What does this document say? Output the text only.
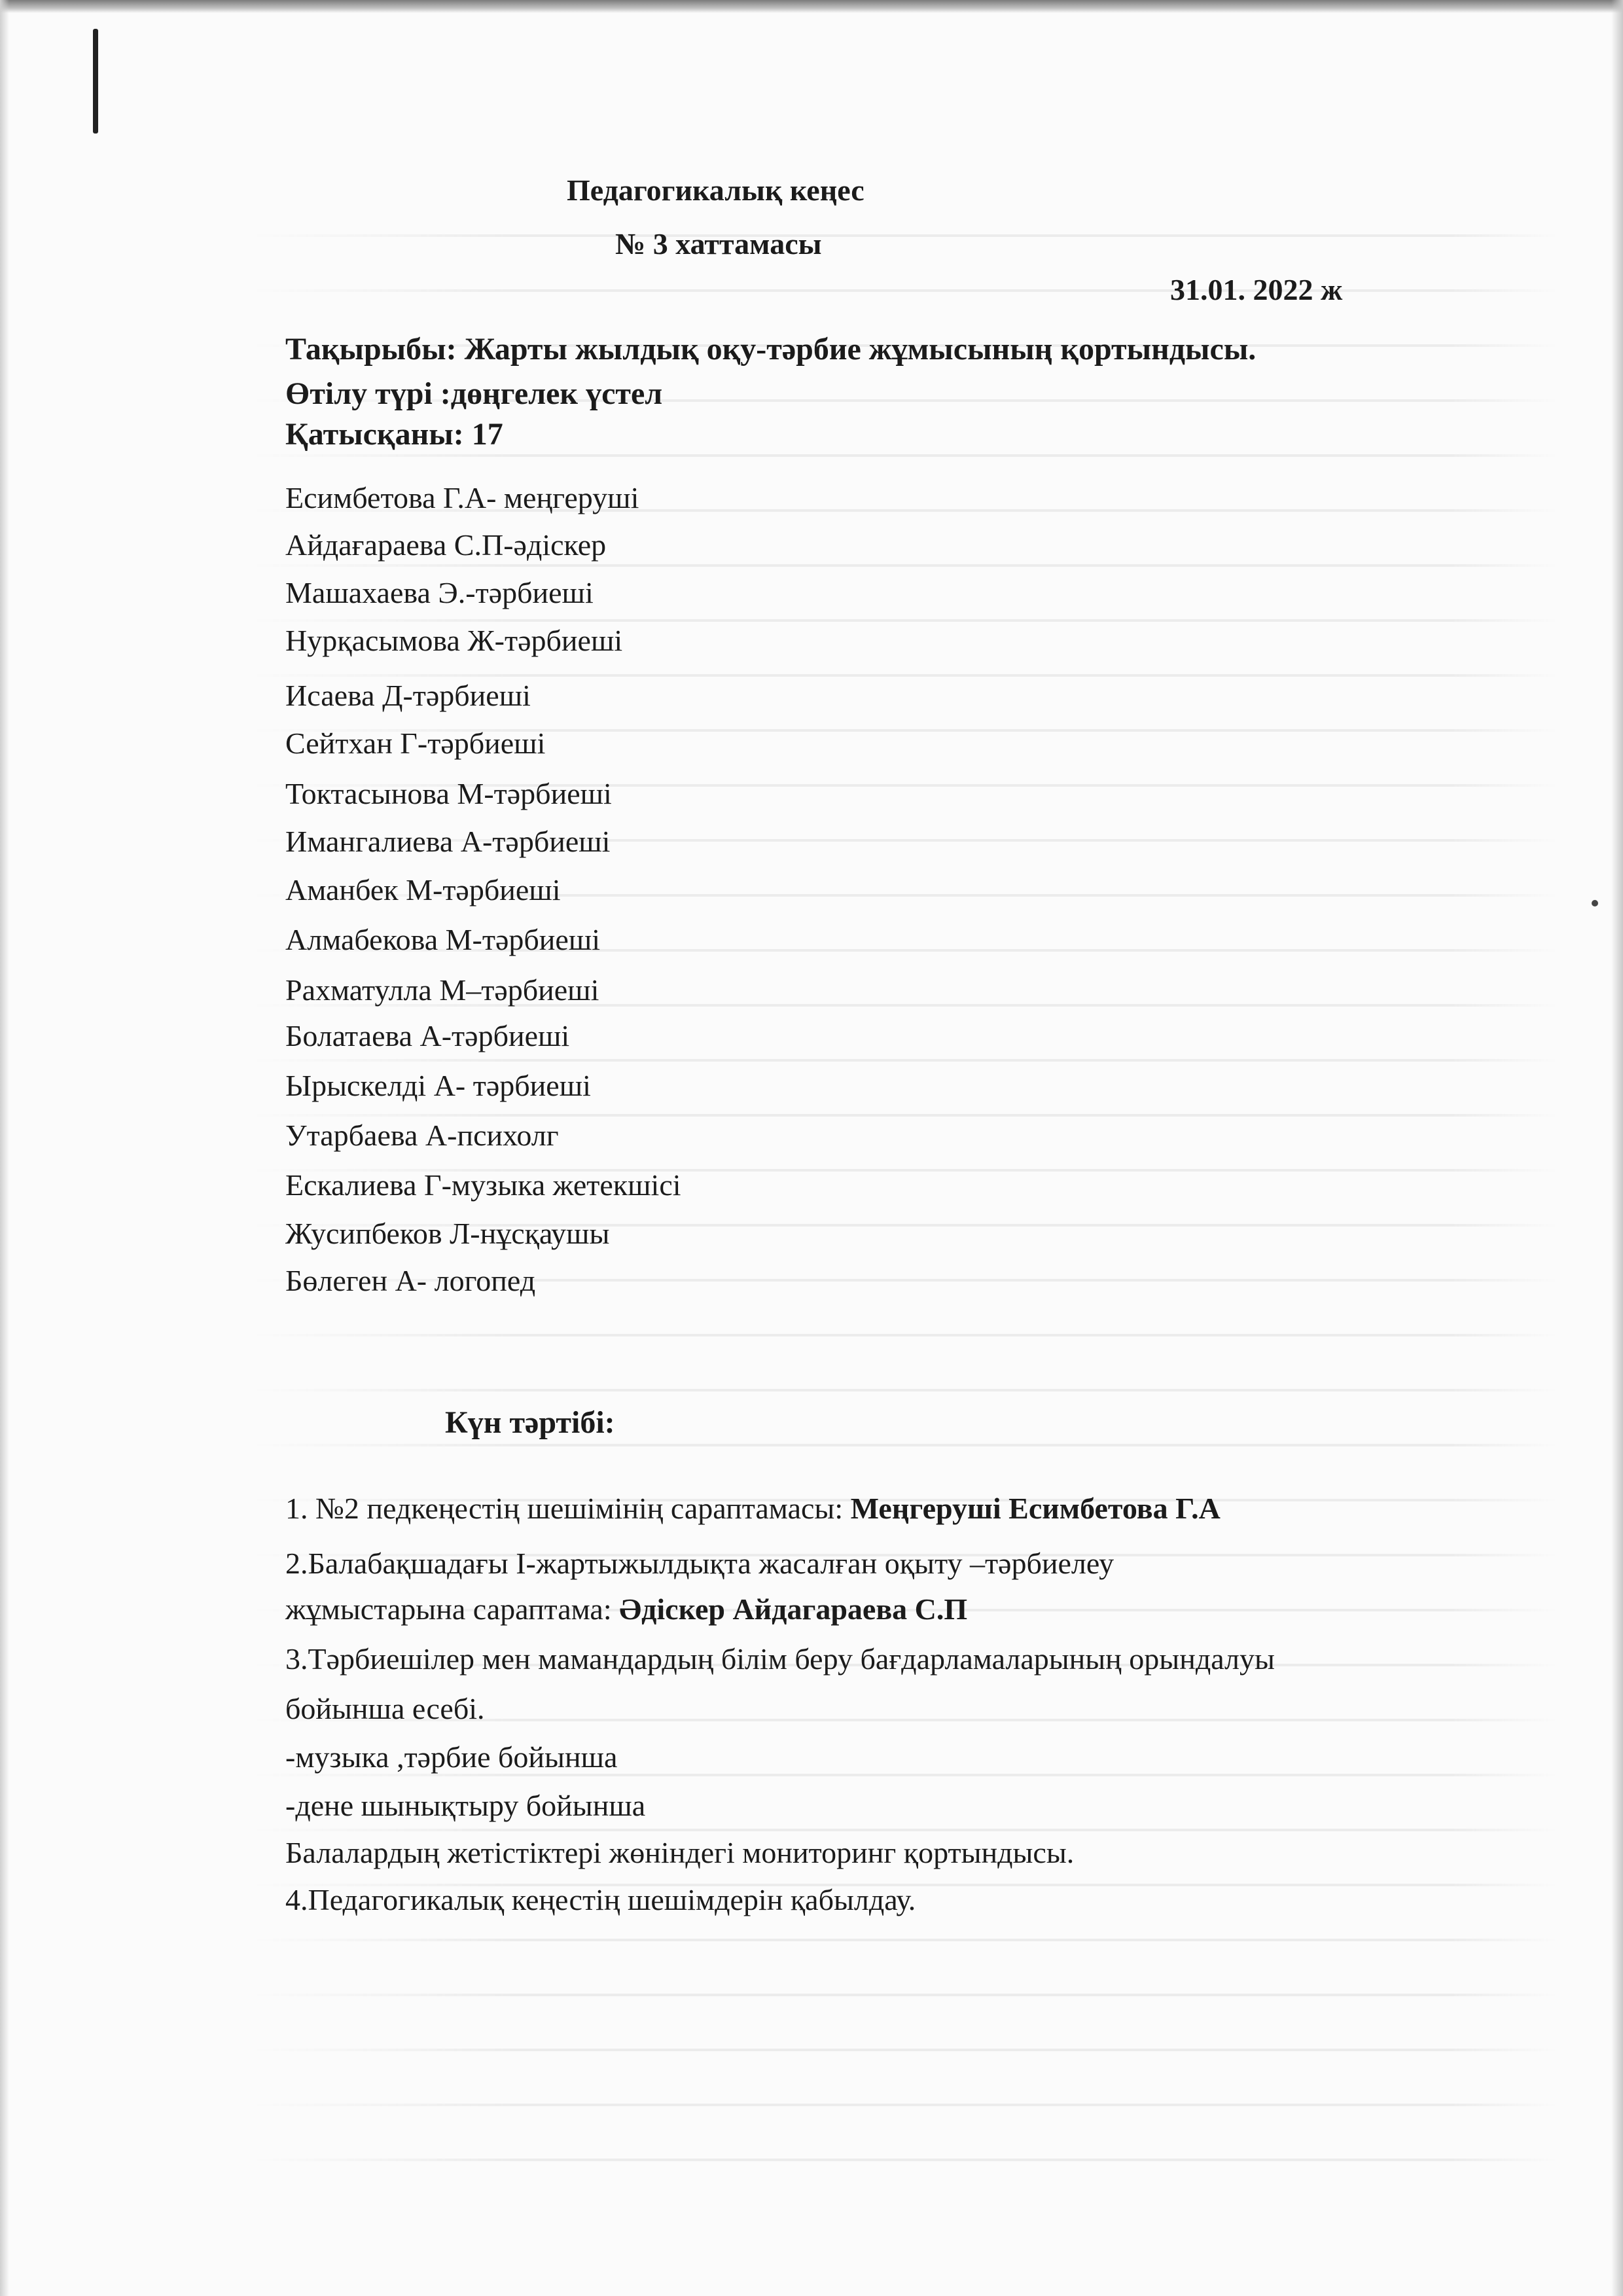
Педагогикалық кеңес
№ 3 хаттамасы
31.01. 2022 ж
Тақырыбы: Жарты жылдық оқу-тәрбие жұмысының қортындысы.
Өтілу түрі :дөңгелек үстел
Қатысқаны: 17
Есимбетова Г.А- меңгеруші
Айдағараева С.П-әдіскер
Машахаева Э.-тәрбиеші
Нурқасымова Ж-тәрбиеші
Исаева Д-тәрбиеші
Сейтхан Г-тәрбиеші
Токтасынова М-тәрбиеші
Имангалиева А-тәрбиеші
Аманбек М-тәрбиеші
Алмабекова М-тәрбиеші
Рахматулла М–тәрбиеші
Болатаева А-тәрбиеші
Ырыскелді А- тәрбиеші
Утарбаева А-психолг
Ескалиева Г-музыка жетекшісі
Жусипбеков Л-нұсқаушы
Бөлеген А- логопед
Күн тәртібі:
1. №2 педкеңестің шешімінің сараптамасы: Меңгеруші Есимбетова Г.А
2.Балабақшадағы І-жартыжылдықта жасалған оқыту –тәрбиелеу
жұмыстарына сараптама: Әдіскер Айдагараева С.П
3.Тәрбиешілер мен мамандардың білім беру бағдарламаларының орындалуы
бойынша есебі.
-музыка ,тәрбие бойынша
-дене шынықтыру бойынша
Балалардың жетістіктері жөніндегі мониторинг қортындысы.
4.Педагогикалық кеңестің шешімдерін қабылдау.
